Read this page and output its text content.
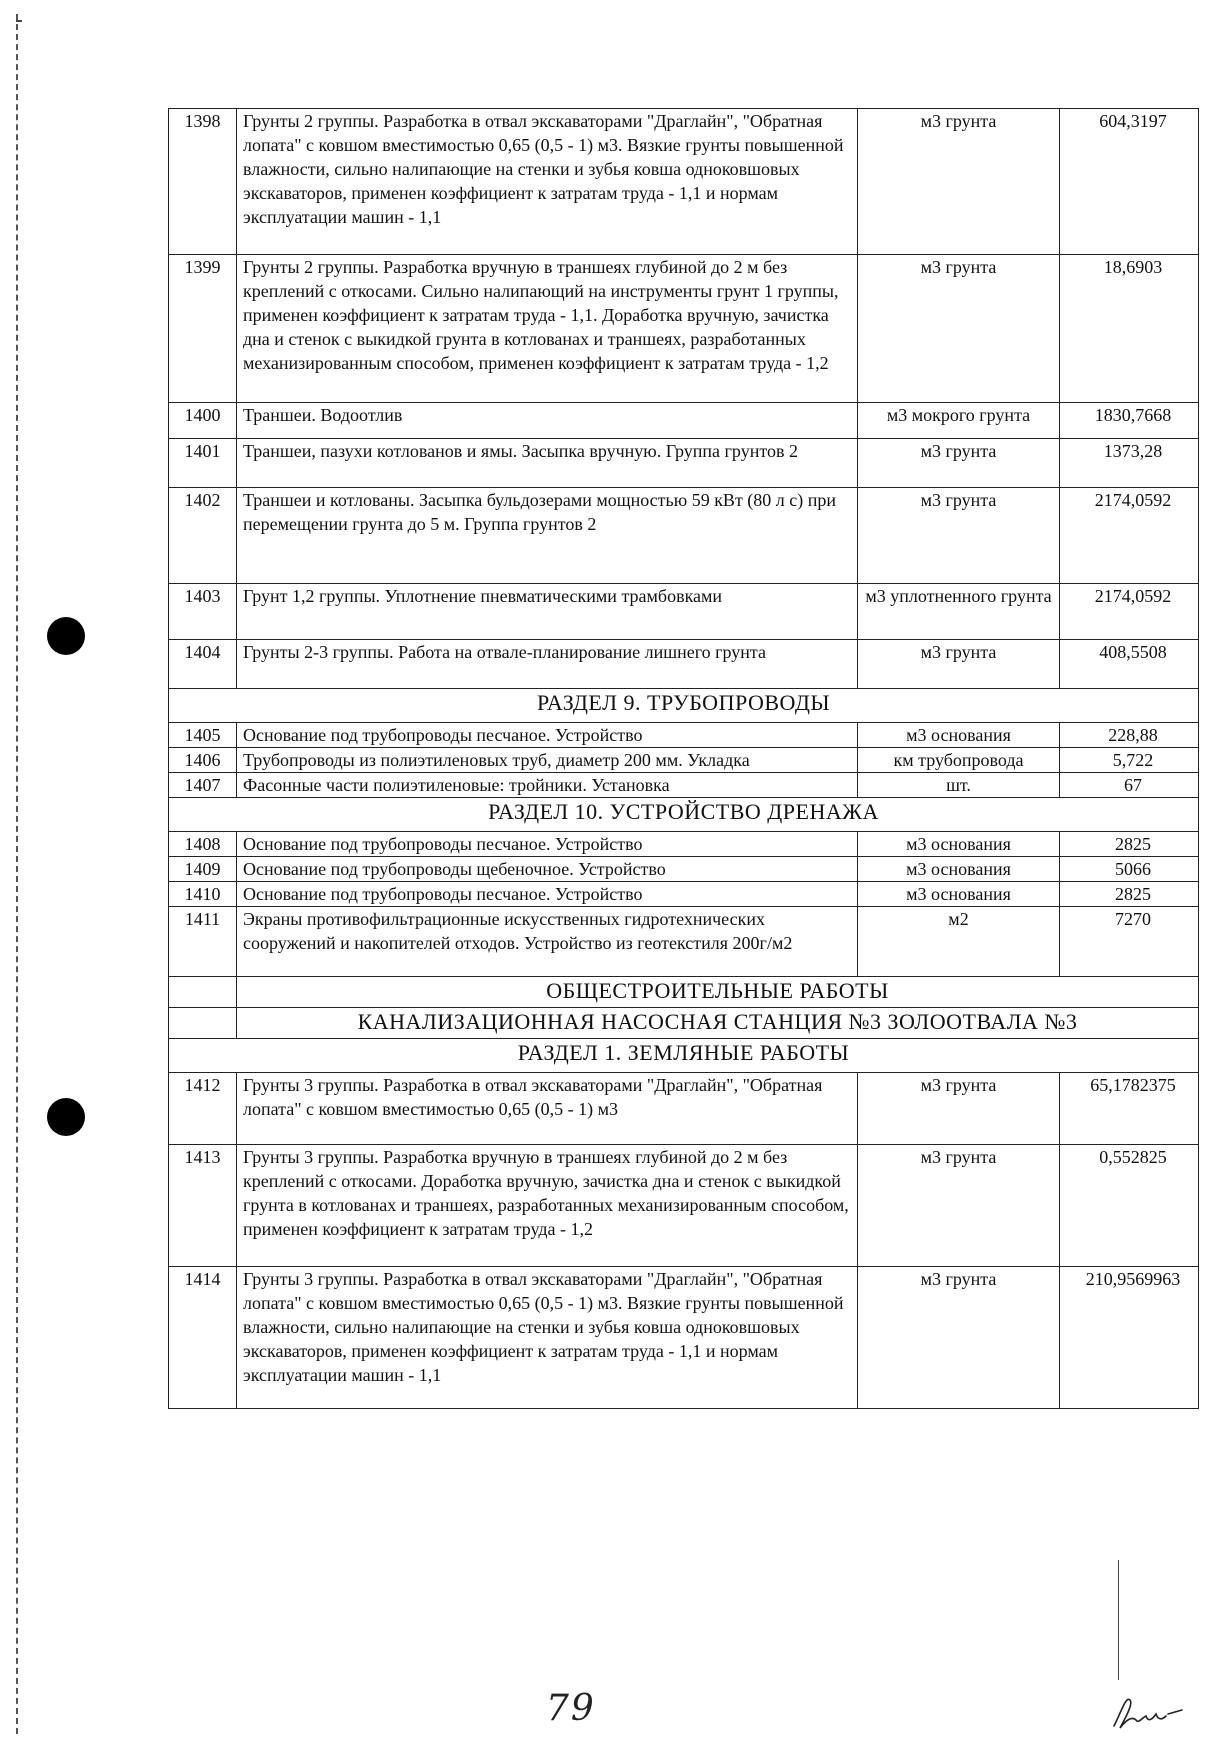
1398	Грунты 2 группы. Разработка в отвал экскаваторами "Драглайн", "Обратная лопата" с ковшом вместимостью 0,65 (0,5 - 1) м3. Вязкие грунты повышенной влажности, сильно налипающие на стенки и зубья ковша одноковшовых экскаваторов, применен коэффициент к затратам труда - 1,1 и нормам эксплуатации машин - 1,1	м3 грунта	604,3197
1399	Грунты 2 группы. Разработка вручную в траншеях глубиной до 2 м без креплений с откосами. Сильно налипающий на инструменты грунт 1 группы, применен коэффициент к затратам труда - 1,1. Доработка вручную, зачистка дна и стенок с выкидкой грунта в котлованах и траншеях, разработанных механизированным способом, применен коэффициент к затратам труда - 1,2	м3 грунта	18,6903
1400	Траншеи. Водоотлив	м3 мокрого грунта	1830,7668
1401	Траншеи, пазухи котлованов и ямы. Засыпка вручную. Группа грунтов 2	м3 грунта	1373,28
1402	Траншеи и котлованы. Засыпка бульдозерами мощностью 59 кВт (80 л с) при перемещении грунта до 5 м. Группа грунтов 2	м3 грунта	2174,0592
1403	Грунт 1,2 группы. Уплотнение пневматическими трамбовками	м3 уплотненного грунта	2174,0592
1404	Грунты 2-3 группы. Работа на отвале-планирование лишнего грунта	м3 грунта	408,5508
РАЗДЕЛ 9. ТРУБОПРОВОДЫ			
1405	Основание под трубопроводы песчаное. Устройство	м3 основания	228,88
1406	Трубопроводы из полиэтиленовых труб, диаметр 200 мм. Укладка	км трубопровода	5,722
1407	Фасонные части полиэтиленовые: тройники. Установка	шт.	67
РАЗДЕЛ 10. УСТРОЙСТВО ДРЕНАЖА			
1408	Основание под трубопроводы песчаное. Устройство	м3 основания	2825
1409	Основание под трубопроводы щебеночное. Устройство	м3 основания	5066
1410	Основание под трубопроводы песчаное. Устройство	м3 основания	2825
1411	Экраны противофильтрационные искусственных гидротехнических сооружений и накопителей отходов. Устройство из геотекстиля 200г/м2	м2	7270
	ОБЩЕСТРОИТЕЛЬНЫЕ РАБОТЫ		
	КАНАЛИЗАЦИОННАЯ НАСОСНАЯ СТАНЦИЯ №3 ЗОЛООТВАЛА №3		
РАЗДЕЛ 1. ЗЕМЛЯНЫЕ РАБОТЫ			
1412	Грунты 3 группы. Разработка в отвал экскаваторами "Драглайн", "Обратная лопата" с ковшом вместимостью 0,65 (0,5 - 1) м3	м3 грунта	65,1782375
1413	Грунты 3 группы. Разработка вручную в траншеях глубиной до 2 м без креплений с откосами. Доработка вручную, зачистка дна и стенок с выкидкой грунта в котлованах и траншеях, разработанных механизированным способом, применен коэффициент к затратам труда - 1,2	м3 грунта	0,552825
1414	Грунты 3 группы. Разработка в отвал экскаваторами "Драглайн", "Обратная лопата" с ковшом вместимостью 0,65 (0,5 - 1) м3. Вязкие грунты повышенной влажности, сильно налипающие на стенки и зубья ковша одноковшовых экскаваторов, применен коэффициент к затратам труда - 1,1 и нормам эксплуатации машин - 1,1	м3 грунта	210,9569963
79
